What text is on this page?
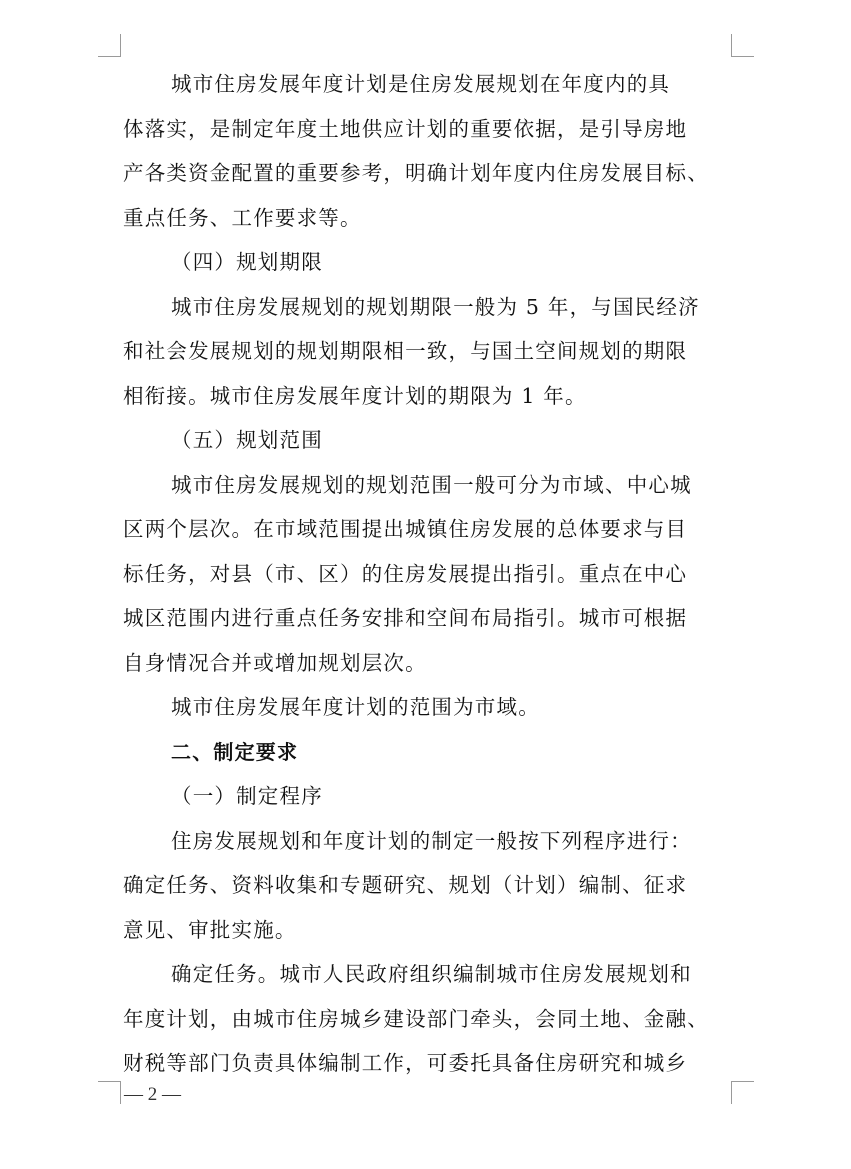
城市住房发展年度计划是住房发展规划在年度内的具
体落实，是制定年度土地供应计划的重要依据，是引导房地
产各类资金配置的重要参考，明确计划年度内住房发展目标、
重点任务、工作要求等。
（四）规划期限
城市住房发展规划的规划期限一般为 5 年，与国民经济
和社会发展规划的规划期限相一致，与国土空间规划的期限
相衔接。城市住房发展年度计划的期限为 1 年。
（五）规划范围
城市住房发展规划的规划范围一般可分为市域、中心城
区两个层次。在市域范围提出城镇住房发展的总体要求与目
标任务，对县（市、区）的住房发展提出指引。重点在中心
城区范围内进行重点任务安排和空间布局指引。城市可根据
自身情况合并或增加规划层次。
城市住房发展年度计划的范围为市域。
二、制定要求
（一）制定程序
住房发展规划和年度计划的制定一般按下列程序进行：
确定任务、资料收集和专题研究、规划（计划）编制、征求
意见、审批实施。
确定任务。城市人民政府组织编制城市住房发展规划和
年度计划，由城市住房城乡建设部门牵头，会同土地、金融、
财税等部门负责具体编制工作，可委托具备住房研究和城乡
— 2 —
